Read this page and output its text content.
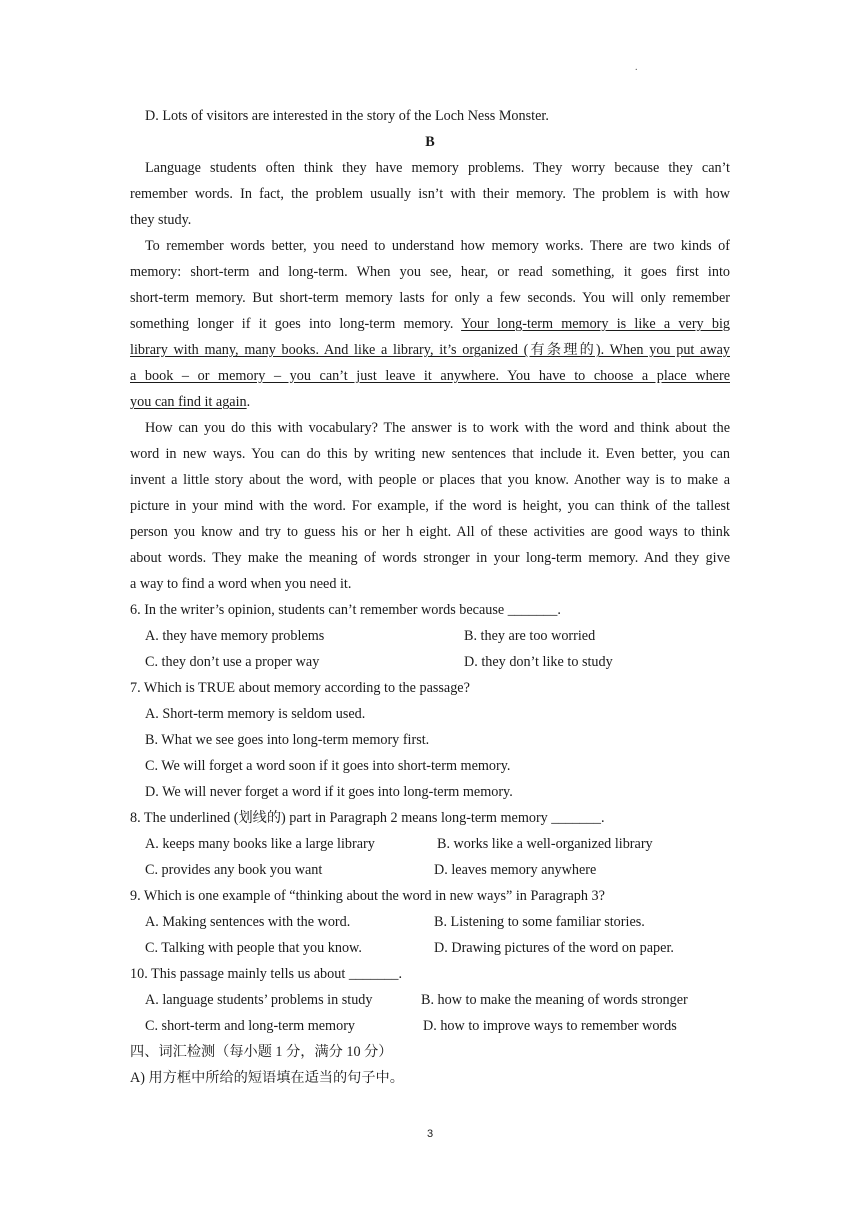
.
D. Lots of visitors are interested in the story of the Loch Ness Monster.
B
Language students often think they have memory problems. They worry because they can’t
remember words. In fact, the problem usually isn’t with their memory. The problem is with how
they study.
To remember words better, you need to understand how memory works. There are two kinds of
memory: short-term and long-term. When you see, hear, or read something, it goes first into
short-term memory. But short-term memory lasts for only a few seconds. You will only remember
something longer if it goes into long-term memory. Your long-term memory is like a very big
library with many, many books. And like a library, it’s organized (有条理的). When you put away
a book – or memory – you can’t just leave it anywhere. You have to choose a place where
you can find it again.
How can you do this with vocabulary? The answer is to work with the word and think about the
word in new ways. You can do this by writing new sentences that include it. Even better, you can
invent a little story about the word, with people or places that you know. Another way is to make a
picture in your mind with the word. For example, if the word is height, you can think of the tallest
person you know and try to guess his or her h eight. All of these activities are good ways to think
about words. They make the meaning of words stronger in your long-term memory. And they give
a way to find a word when you need it.
6. In the writer’s opinion, students can’t remember words because _______.
A. they have memory problems	B. they are too worried
C. they don’t use a proper way	D. they don’t like to study
7. Which is TRUE about memory according to the passage?
A. Short-term memory is seldom used.
B. What we see goes into long-term memory first.
C. We will forget a word soon if it goes into short-term memory.
D. We will never forget a word if it goes into long-term memory.
8. The underlined (划线的) part in Paragraph 2 means long-term memory _______.
A. keeps many books like a large library	B. works like a well-organized library
C. provides any book you want	D. leaves memory anywhere
9. Which is one example of “thinking about the word in new ways” in Paragraph 3?
A. Making sentences with the word.	B. Listening to some familiar stories.
C. Talking with people that you know.	D. Drawing pictures of the word on paper.
10. This passage mainly tells us about _______.
A. language students’ problems in study	B. how to make the meaning of words stronger
C. short-term and long-term memory	D. how to improve ways to remember words
四、词汇检测（每小题 1 分，满分 10 分）
A) 用方框中所给的短语填在适当的句子中。
3
